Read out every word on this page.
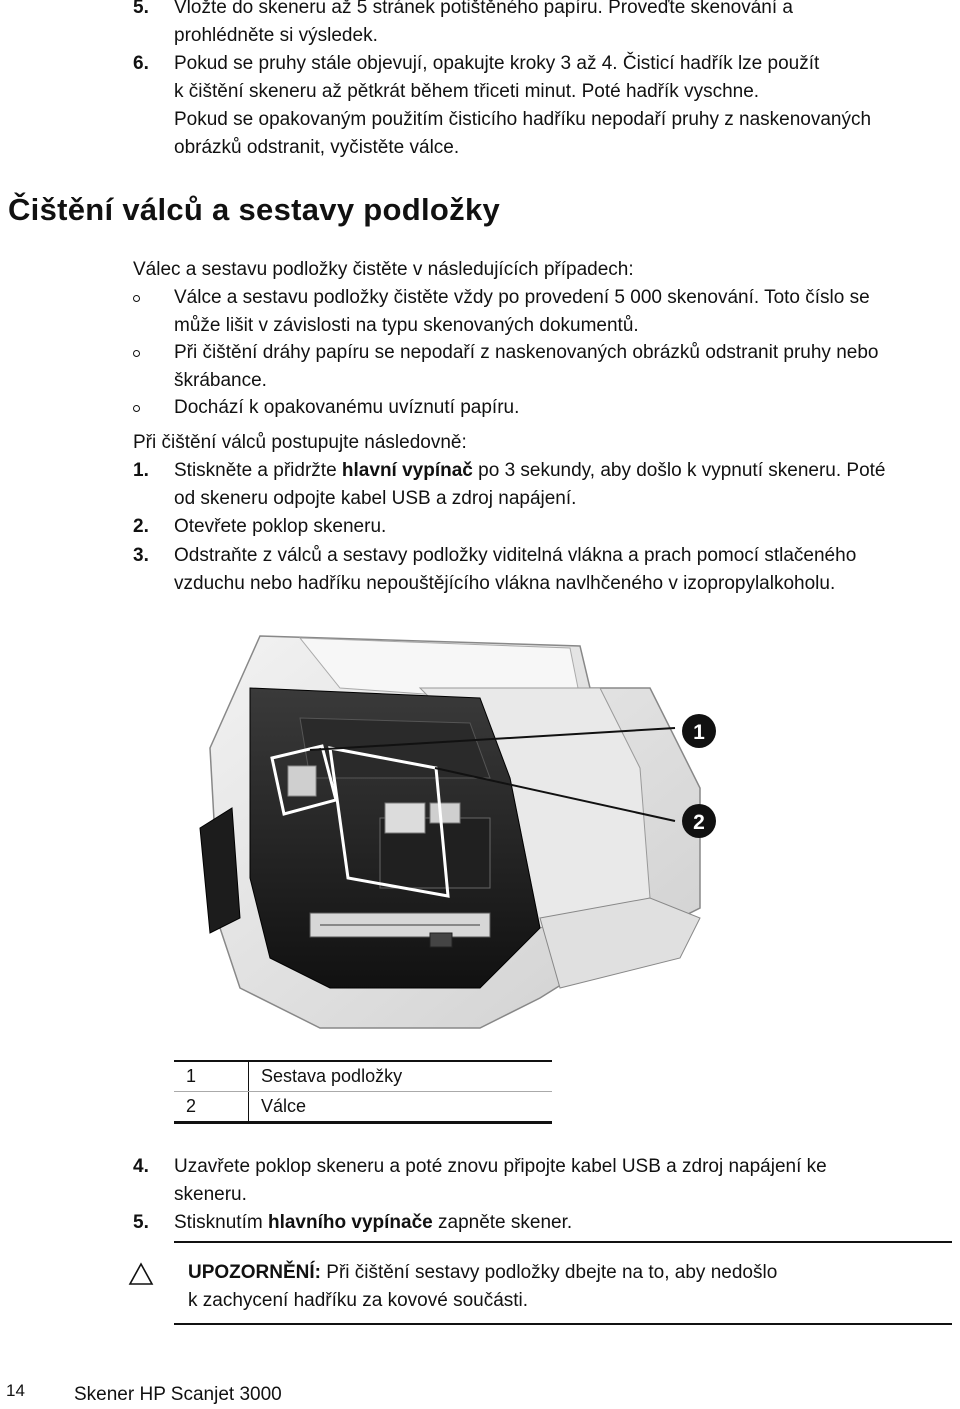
5. Vložte do skeneru až 5 stránek potištěného papíru. Proveďte skenování a
prohlédněte si výsledek.
6. Pokud se pruhy stále objevují, opakujte kroky 3 až 4. Čisticí hadřík lze použít
k čištění skeneru až pětkrát během třiceti minut. Poté hadřík vyschne.
Pokud se opakovaným použitím čisticího hadříku nepodaří pruhy z naskenovaných
obrázků odstranit, vyčistěte válce.
Čištění válců a sestavy podložky
Válec a sestavu podložky čistěte v následujících případech:
Válce a sestavu podložky čistěte vždy po provedení 5 000 skenování. Toto číslo se
může lišit v závislosti na typu skenovaných dokumentů.
Při čištění dráhy papíru se nepodaří z naskenovaných obrázků odstranit pruhy nebo
škrábance.
Dochází k opakovanému uvíznutí papíru.
Při čištění válců postupujte následovně:
1. Stiskněte a přidržte hlavní vypínač po 3 sekundy, aby došlo k vypnutí skeneru. Poté
od skeneru odpojte kabel USB a zdroj napájení.
2. Otevřete poklop skeneru.
3. Odstraňte z válců a sestavy podložky viditelná vlákna a prach pomocí stlačeného
vzduchu nebo hadříku nepouštějícího vlákna navlhčeného v izopropylalkoholu.
1
2
1	Sestava podložky
2	Válce
4. Uzavřete poklop skeneru a poté znovu připojte kabel USB a zdroj napájení ke
skeneru.
5. Stisknutím hlavního vypínače zapněte skener.
UPOZORNĚNÍ: Při čištění sestavy podložky dbejte na to, aby nedošlo
k zachycení hadříku za kovové součásti.
14	Skener HP Scanjet 3000
